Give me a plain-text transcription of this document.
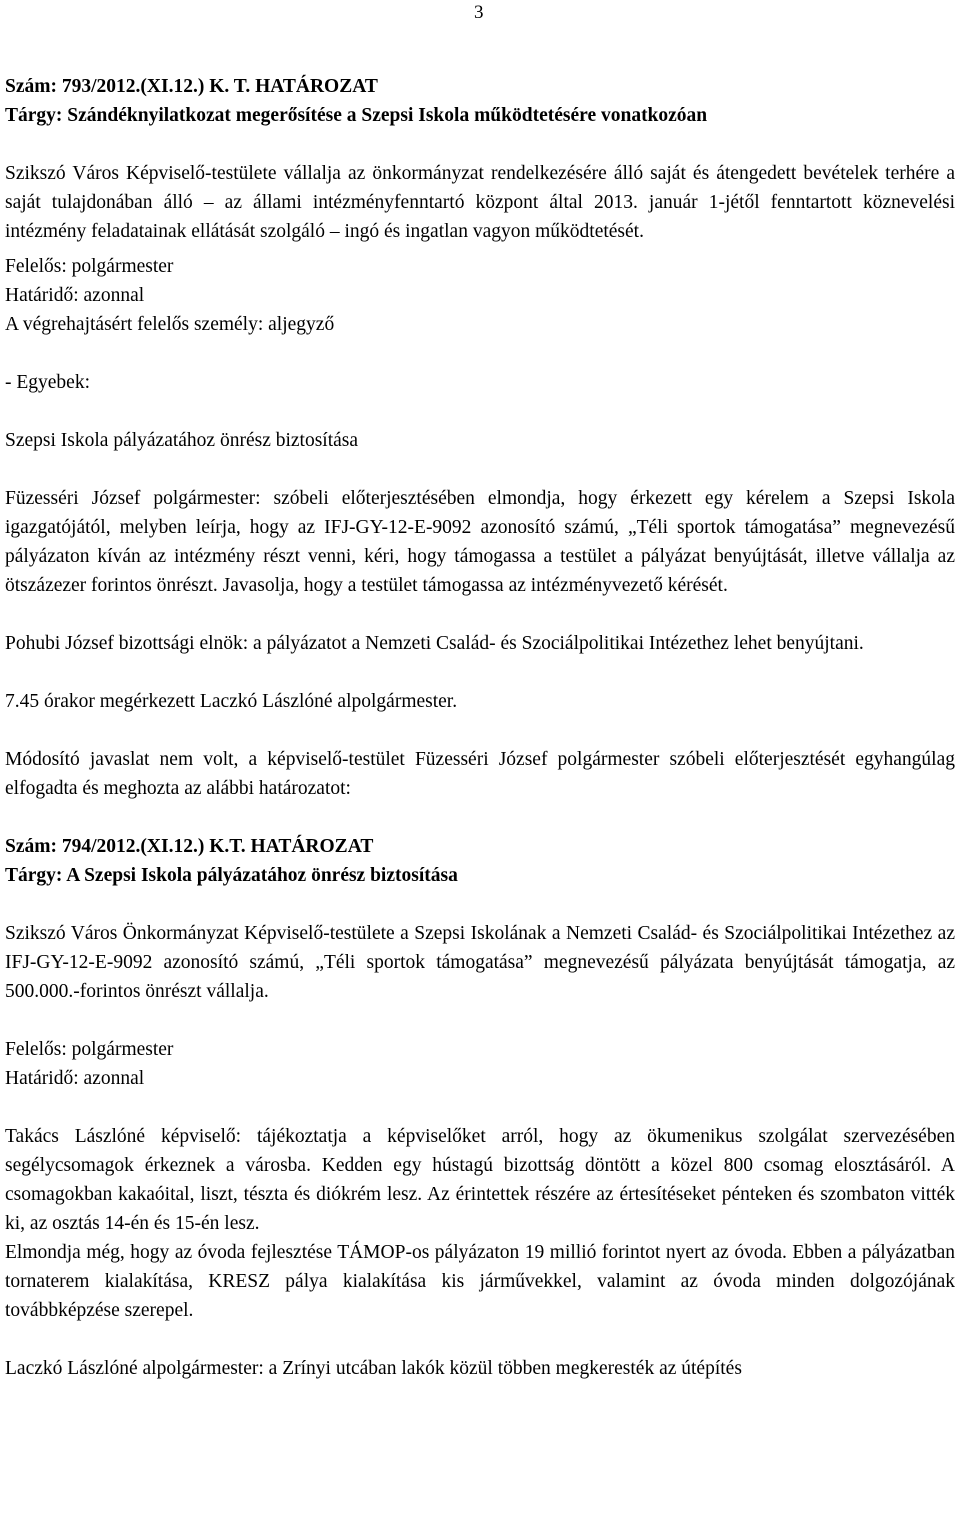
3

Szám: 793/2012.(XI.12.) K. T. HATÁROZAT

Tárgy: Szándéknyilatkozat megerősítése a Szepsi Iskola működtetésére vonatkozóan

Szikszó Város Képviselő-testülete vállalja az önkormányzat rendelkezésére álló saját és átengedett bevételek terhére a saját tulajdonában álló – az állami intézményfenntartó központ által 2013. január 1-jétől fenntartott köznevelési intézmény feladatainak ellátását szolgáló – ingó és ingatlan vagyon működtetését.

Felelős: polgármester

Határidő: azonnal

A végrehajtásért felelős személy: aljegyző

- Egyebek:

Szepsi Iskola pályázatához önrész biztosítása

Füzesséri József polgármester: szóbeli előterjesztésében elmondja, hogy érkezett egy kérelem a Szepsi Iskola igazgatójától, melyben leírja, hogy az IFJ-GY-12-E-9092 azonosító számú, „Téli sportok támogatása” megnevezésű pályázaton kíván az intézmény részt venni, kéri, hogy támogassa a testület a pályázat benyújtását, illetve vállalja az ötszázezer forintos önrészt. Javasolja, hogy a testület támogassa az intézményvezető kérését.

Pohubi József bizottsági elnök: a pályázatot a Nemzeti Család- és Szociálpolitikai Intézethez lehet benyújtani.

7.45 órakor megérkezett Laczkó Lászlóné alpolgármester.

Módosító javaslat nem volt, a képviselő-testület Füzesséri József polgármester szóbeli előterjesztését egyhangúlag elfogadta és meghozta az alábbi határozatot:

Szám: 794/2012.(XI.12.) K.T. HATÁROZAT

Tárgy: A Szepsi Iskola pályázatához önrész biztosítása

Szikszó Város Önkormányzat Képviselő-testülete a Szepsi Iskolának a Nemzeti Család- és Szociálpolitikai Intézethez az IFJ-GY-12-E-9092 azonosító számú, „Téli sportok támogatása” megnevezésű pályázata benyújtását támogatja, az 500.000.-forintos önrészt vállalja.

Felelős: polgármester

Határidő: azonnal

Takács Lászlóné képviselő: tájékoztatja a képviselőket arról, hogy az ökumenikus szolgálat szervezésében segélycsomagok érkeznek a városba. Kedden egy hústagú bizottság döntött a közel 800 csomag elosztásáról. A csomagokban kakaóital, liszt, tészta és diókrém lesz. Az érintettek részére az értesítéseket pénteken és szombaton vitték ki, az osztás 14-én és 15-én lesz.

Elmondja még, hogy az óvoda fejlesztése TÁMOP-os pályázaton 19 millió forintot nyert az óvoda. Ebben a pályázatban tornaterem kialakítása, KRESZ pálya kialakítása kis járművekkel, valamint az óvoda minden dolgozójának továbbképzése szerepel.

Laczkó Lászlóné alpolgármester: a Zrínyi utcában lakók közül többen megkeresték az útépítés
